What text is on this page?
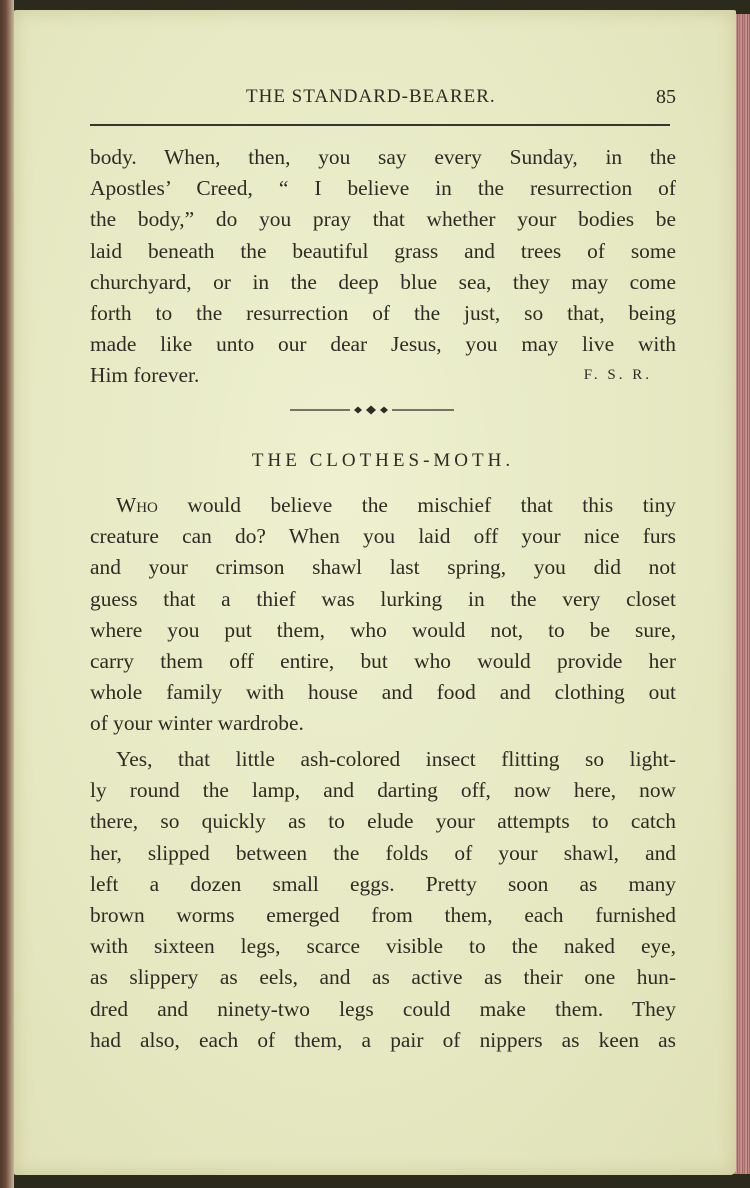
THE STANDARD-BEARER.	85
body. When, then, you say every Sunday, in the
Apostles’ Creed, “ I believe in the resurrection of
the body,” do you pray that whether your bodies be
laid beneath the beautiful grass and trees of some
churchyard, or in the deep blue sea, they may come
forth to the resurrection of the just, so that, being
made like unto our dear Jesus, you may live with
Him forever.	F. S. R.
THE CLOTHES-MOTH.
Who would believe the mischief that this tiny
creature can do? When you laid off your nice furs
and your crimson shawl last spring, you did not
guess that a thief was lurking in the very closet
where you put them, who would not, to be sure,
carry them off entire, but who would provide her
whole family with house and food and clothing out
of your winter wardrobe.
Yes, that little ash-colored insect flitting so light-
ly round the lamp, and darting off, now here, now
there, so quickly as to elude your attempts to catch
her, slipped between the folds of your shawl, and
left a dozen small eggs. Pretty soon as many
brown worms emerged from them, each furnished
with sixteen legs, scarce visible to the naked eye,
as slippery as eels, and as active as their one hun-
dred and ninety-two legs could make them. They
had also, each of them, a pair of nippers as keen as
